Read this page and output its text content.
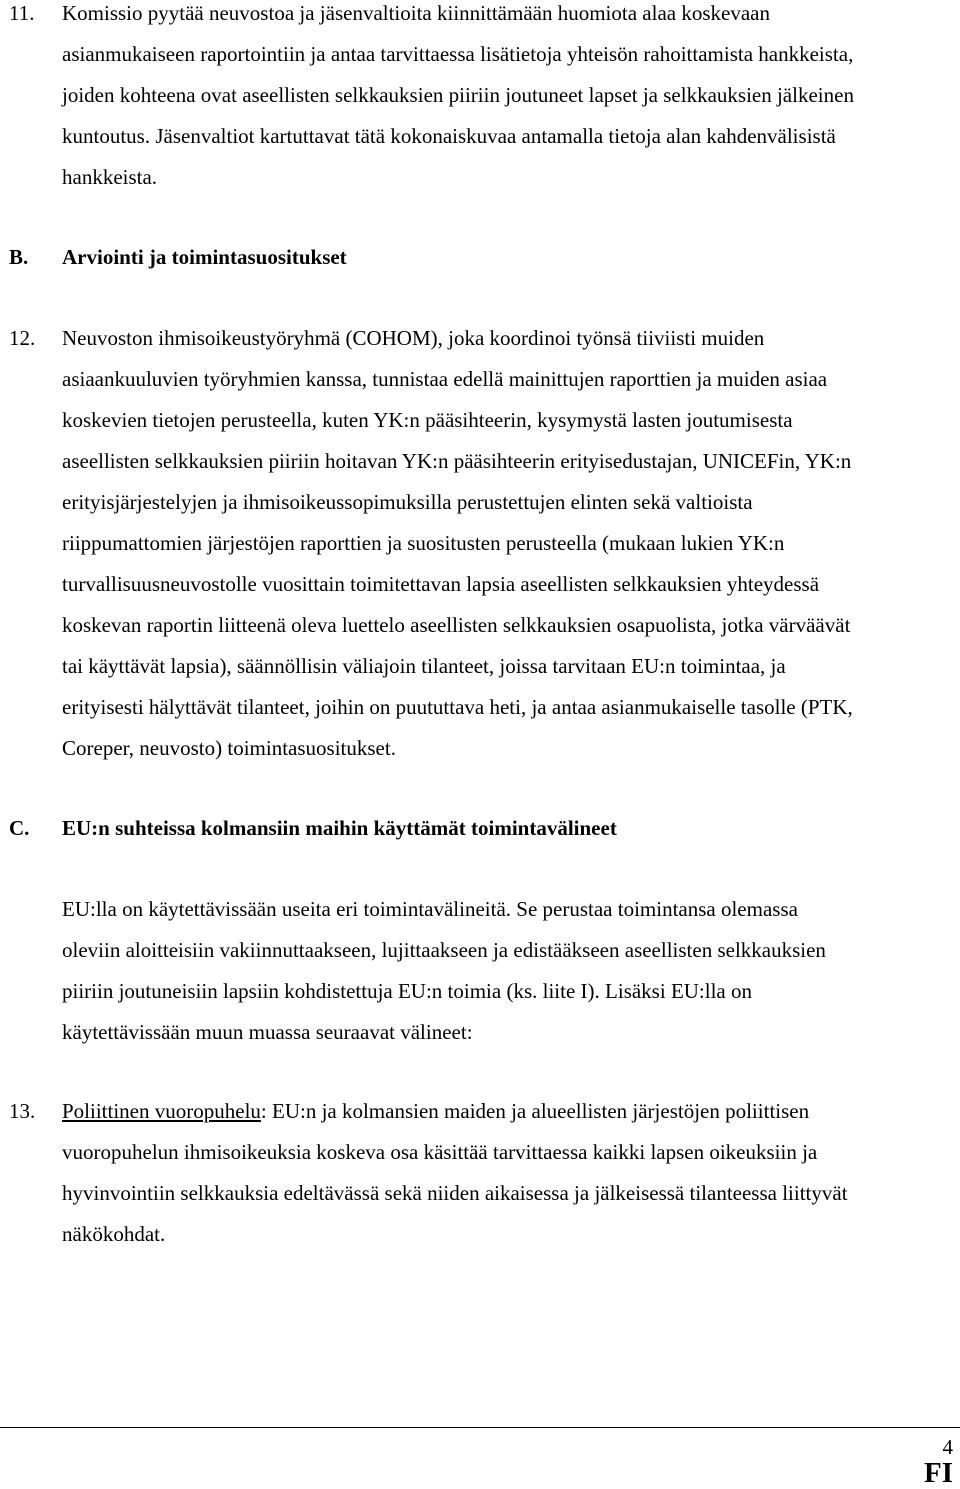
11. Komissio pyytää neuvostoa ja jäsenvaltioita kiinnittämään huomiota alaa koskevaan
asianmukaiseen raportointiin ja antaa tarvittaessa lisätietoja yhteisön rahoittamista hankkeista,
joiden kohteena ovat aseellisten selkkauksien piiriin joutuneet lapset ja selkkauksien jälkeinen
kuntoutus. Jäsenvaltiot kartuttavat tätä kokonaiskuvaa antamalla tietoja alan kahdenvälisistä
hankkeista.
B. Arviointi ja toimintasuositukset
12. Neuvoston ihmisoikeustyöryhmä (COHOM), joka koordinoi työnsä tiiviisti muiden
asiaankuuluvien työryhmien kanssa, tunnistaa edellä mainittujen raporttien ja muiden asiaa
koskevien tietojen perusteella, kuten YK:n pääsihteerin, kysymystä lasten joutumisesta
aseellisten selkkauksien piiriin hoitavan YK:n pääsihteerin erityisedustajan, UNICEFin, YK:n
erityisjärjestelyjen ja ihmisoikeussopimuksilla perustettujen elinten sekä valtioista
riippumattomien järjestöjen raporttien ja suositusten perusteella (mukaan lukien YK:n
turvallisuusneuvostolle vuosittain toimitettavan lapsia aseellisten selkkauksien yhteydessä
koskevan raportin liitteenä oleva luettelo aseellisten selkkauksien osapuolista, jotka värväävät
tai käyttävät lapsia), säännöllisin väliajoin tilanteet, joissa tarvitaan EU:n toimintaa, ja
erityisesti hälyttävät tilanteet, joihin on puututtava heti, ja antaa asianmukaiselle tasolle (PTK,
Coreper, neuvosto) toimintasuositukset.
C. EU:n suhteissa kolmansiin maihin käyttämät toimintavälineet
EU:lla on käytettävissään useita eri toimintavälineitä. Se perustaa toimintansa olemassa
oleviin aloitteisiin vakiinnuttaakseen, lujittaakseen ja edistääkseen aseellisten selkkauksien
piiriin joutuneisiin lapsiin kohdistettuja EU:n toimia (ks. liite I). Lisäksi EU:lla on
käytettävissään muun muassa seuraavat välineet:
13. Poliittinen vuoropuhelu: EU:n ja kolmansien maiden ja alueellisten järjestöjen poliittisen
vuoropuhelun ihmisoikeuksia koskeva osa käsittää tarvittaessa kaikki lapsen oikeuksiin ja
hyvinvointiin selkkauksia edeltävässä sekä niiden aikaisessa ja jälkeisessä tilanteessa liittyvät
näkökohdat.
4
FI
